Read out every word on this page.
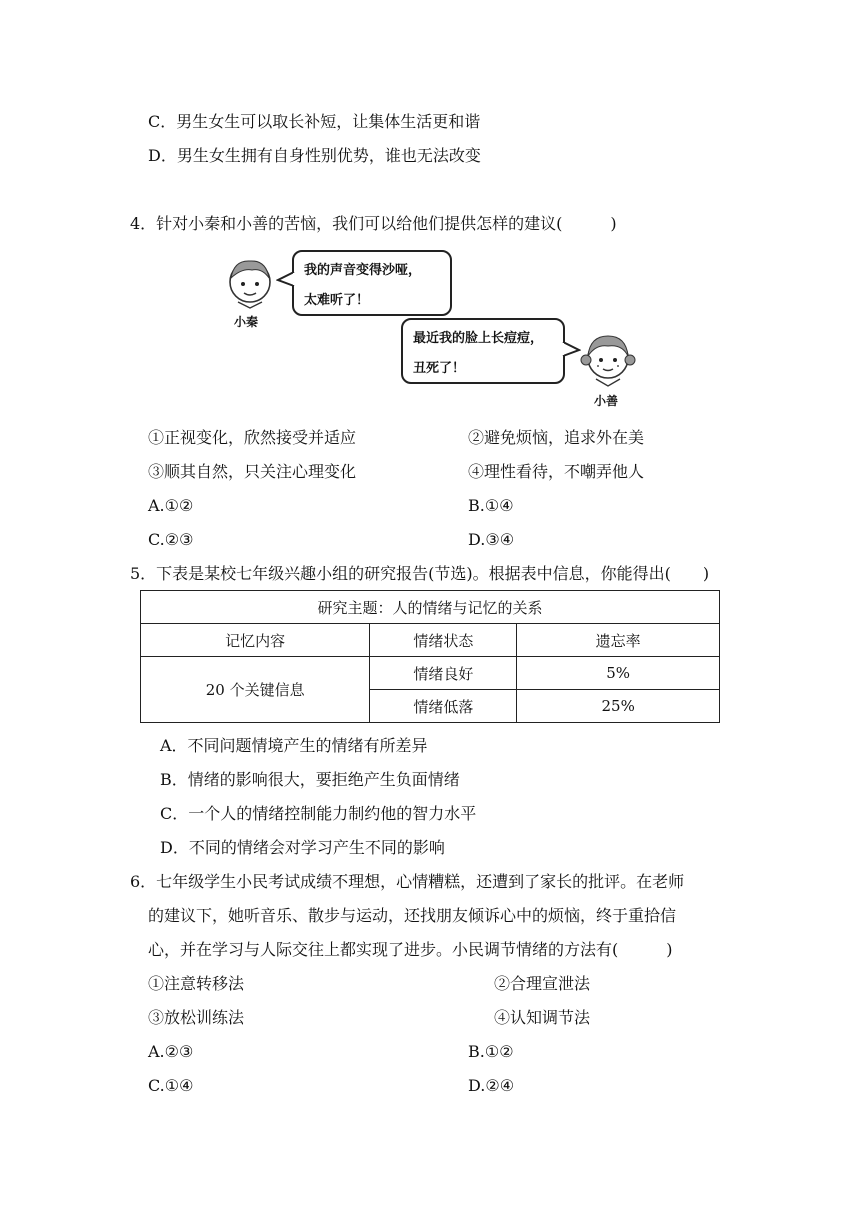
C．男生女生可以取长补短，让集体生活更和谐
D．男生女生拥有自身性别优势，谁也无法改变
4．针对小秦和小善的苦恼，我们可以给他们提供怎样的建议(　　　)
小秦
我的声音变得沙哑，
太难听了！
最近我的脸上长痘痘，
丑死了！
小善
①正视变化，欣然接受并适应	②避免烦恼，追求外在美
③顺其自然，只关注心理变化	④理性看待，不嘲弄他人
A.①②	B.①④
C.②③	D.③④
5．下表是某校七年级兴趣小组的研究报告(节选)。根据表中信息，你能得出(　　)
研究主题：人的情绪与记忆的关系		
记忆内容	情绪状态	遗忘率
20 个关键信息	情绪良好	5%
	情绪低落	25%
A．不同问题情境产生的情绪有所差异
B．情绪的影响很大，要拒绝产生负面情绪
C．一个人的情绪控制能力制约他的智力水平
D．不同的情绪会对学习产生不同的影响
6．七年级学生小民考试成绩不理想，心情糟糕，还遭到了家长的批评。在老师
的建议下，她听音乐、散步与运动，还找朋友倾诉心中的烦恼，终于重拾信
心，并在学习与人际交往上都实现了进步。小民调节情绪的方法有(　　　)
①注意转移法	②合理宣泄法
③放松训练法	④认知调节法
A.②③	B.①②
C.①④	D.②④
